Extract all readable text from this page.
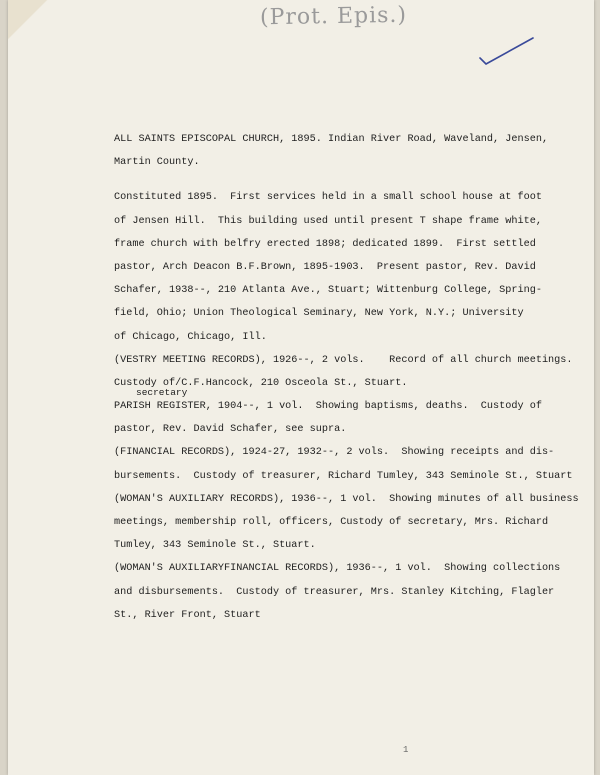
(Prot. Epis.)
ALL SAINTS EPISCOPAL CHURCH, 1895. Indian River Road, Waveland, Jensen,
Martin County.
Constituted 1895.  First services held in a small school house at foot
of Jensen Hill.  This building used until present T shape frame white,
frame church with belfry erected 1898; dedicated 1899.  First settled
pastor, Arch Deacon B.F.Brown, 1895-1903.  Present pastor, Rev. David
Schafer, 1938--, 210 Atlanta Ave., Stuart; Wittenburg College, Spring-
field, Ohio; Union Theological Seminary, New York, N.Y.; University
of Chicago, Chicago, Ill.
(VESTRY MEETING RECORDS), 1926--, 2 vols.    Record of all church meetings.
Custody of/C.F.Hancock, 210 Osceola St., Stuart.
PARISH REGISTER, 1904--, 1 vol.  Showing baptisms, deaths.  Custody of
pastor, Rev. David Schafer, see supra.
(FINANCIAL RECORDS), 1924-27, 1932--, 2 vols.  Showing receipts and dis-
bursements.  Custody of treasurer, Richard Tumley, 343 Seminole St., Stuart
(WOMAN'S AUXILIARY RECORDS), 1936--, 1 vol.  Showing minutes of all business
meetings, membership roll, officers, Custody of secretary, Mrs. Richard
Tumley, 343 Seminole St., Stuart.
(WOMAN'S AUXILIARYFINANCIAL RECORDS), 1936--, 1 vol.  Showing collections
and disbursements.  Custody of treasurer, Mrs. Stanley Kitching, Flagler
St., River Front, Stuart
secretary
1
